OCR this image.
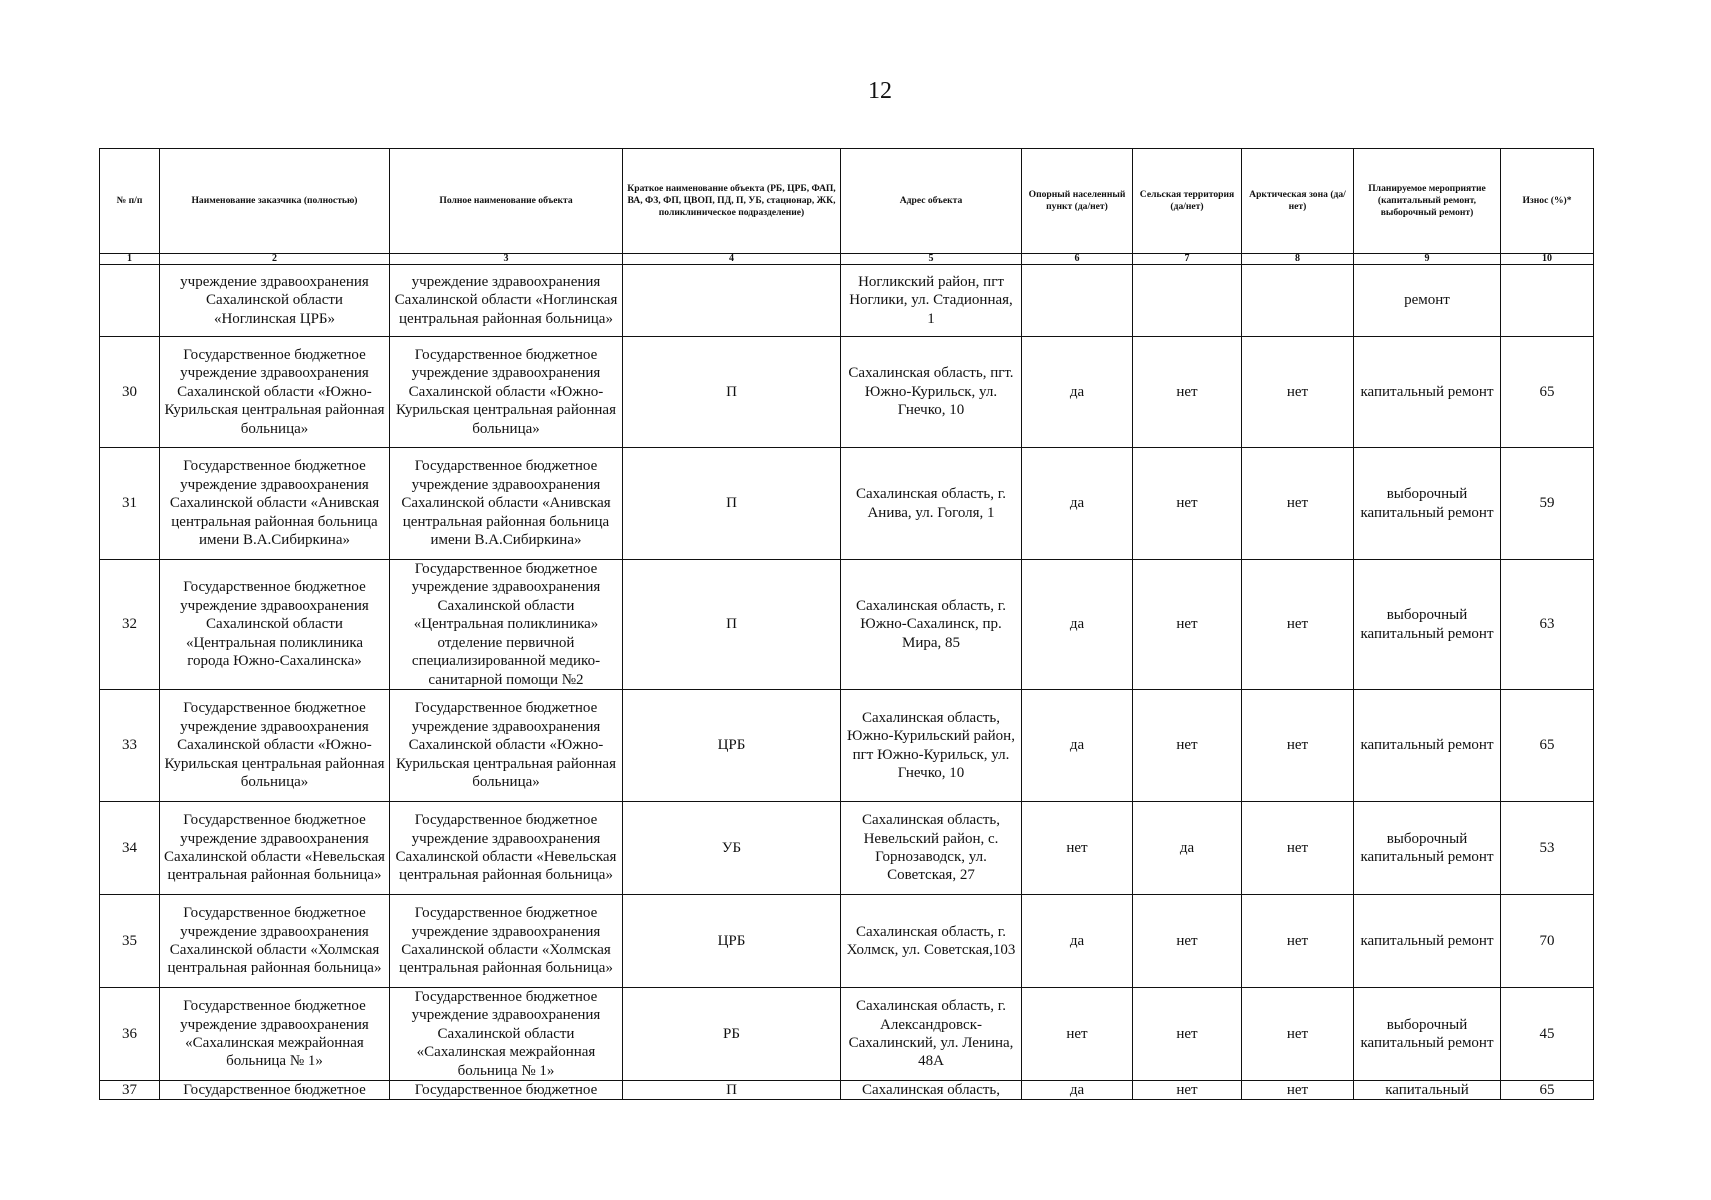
12
№ п/п	Наименование заказчика (полностью)	Полное наименование объекта	Краткое наименование объекта (РБ, ЦРБ, ФАП, ВА, ФЗ, ФП, ЦВОП, ПД, П, УБ, стационар, ЖК, поликлиническое подразделение)	Адрес объекта	Опорный населенный пункт (да/нет)	Сельская территория (да/нет)	Арктическая зона (да/нет)	Планируемое мероприятие (капитальный ремонт, выборочный ремонт)	Износ (%)*
1	2	3	4	5	6	7	8	9	10
	учреждение здравоохранения Сахалинской области «Ноглинская ЦРБ»	учреждение здравоохранения Сахалинской области «Ноглинская центральная районная больница»		Ногликский район, пгт Ноглики, ул. Стадионная, 1				ремонт	
30	Государственное бюджетное учреждение здравоохранения Сахалинской области «Южно-Курильская центральная районная больница»	Государственное бюджетное учреждение здравоохранения Сахалинской области «Южно-Курильская центральная районная больница»	П	Сахалинская область, пгт. Южно-Курильск, ул. Гнечко, 10	да	нет	нет	капитальный ремонт	65
31	Государственное бюджетное учреждение здравоохранения Сахалинской области «Анивская центральная районная больница имени В.А.Сибиркина»	Государственное бюджетное учреждение здравоохранения Сахалинской области «Анивская центральная районная больница имени В.А.Сибиркина»	П	Сахалинская область, г. Анива, ул. Гоголя, 1	да	нет	нет	выборочный капитальный ремонт	59
32	Государственное бюджетное учреждение здравоохранения Сахалинской области «Центральная поликлиника города Южно-Сахалинска»	Государственное бюджетное учреждение здравоохранения Сахалинской области «Центральная поликлиника» отделение первичной специализированной медико-санитарной помощи №2	П	Сахалинская область, г. Южно-Сахалинск, пр. Мира, 85	да	нет	нет	выборочный капитальный ремонт	63
33	Государственное бюджетное учреждение здравоохранения Сахалинской области «Южно-Курильская центральная районная больница»	Государственное бюджетное учреждение здравоохранения Сахалинской области «Южно-Курильская центральная районная больница»	ЦРБ	Сахалинская область, Южно-Курильский район, пгт Южно-Курильск, ул. Гнечко, 10	да	нет	нет	капитальный ремонт	65
34	Государственное бюджетное учреждение здравоохранения Сахалинской области «Невельская центральная районная больница»	Государственное бюджетное учреждение здравоохранения Сахалинской области «Невельская центральная районная больница»	УБ	Сахалинская область, Невельский район, с. Горнозаводск, ул. Советская, 27	нет	да	нет	выборочный капитальный ремонт	53
35	Государственное бюджетное учреждение здравоохранения Сахалинской области «Холмская центральная районная больница»	Государственное бюджетное учреждение здравоохранения Сахалинской области «Холмская центральная районная больница»	ЦРБ	Сахалинская область, г. Холмск, ул. Советская,103	да	нет	нет	капитальный ремонт	70
36	Государственное бюджетное учреждение здравоохранения «Сахалинская межрайонная больница № 1»	Государственное бюджетное учреждение здравоохранения Сахалинской области «Сахалинская межрайонная больница № 1»	РБ	Сахалинская область, г. Александровск-Сахалинский, ул. Ленина, 48А	нет	нет	нет	выборочный капитальный ремонт	45
37	Государственное бюджетное	Государственное бюджетное	П	Сахалинская область,	да	нет	нет	капитальный	65
